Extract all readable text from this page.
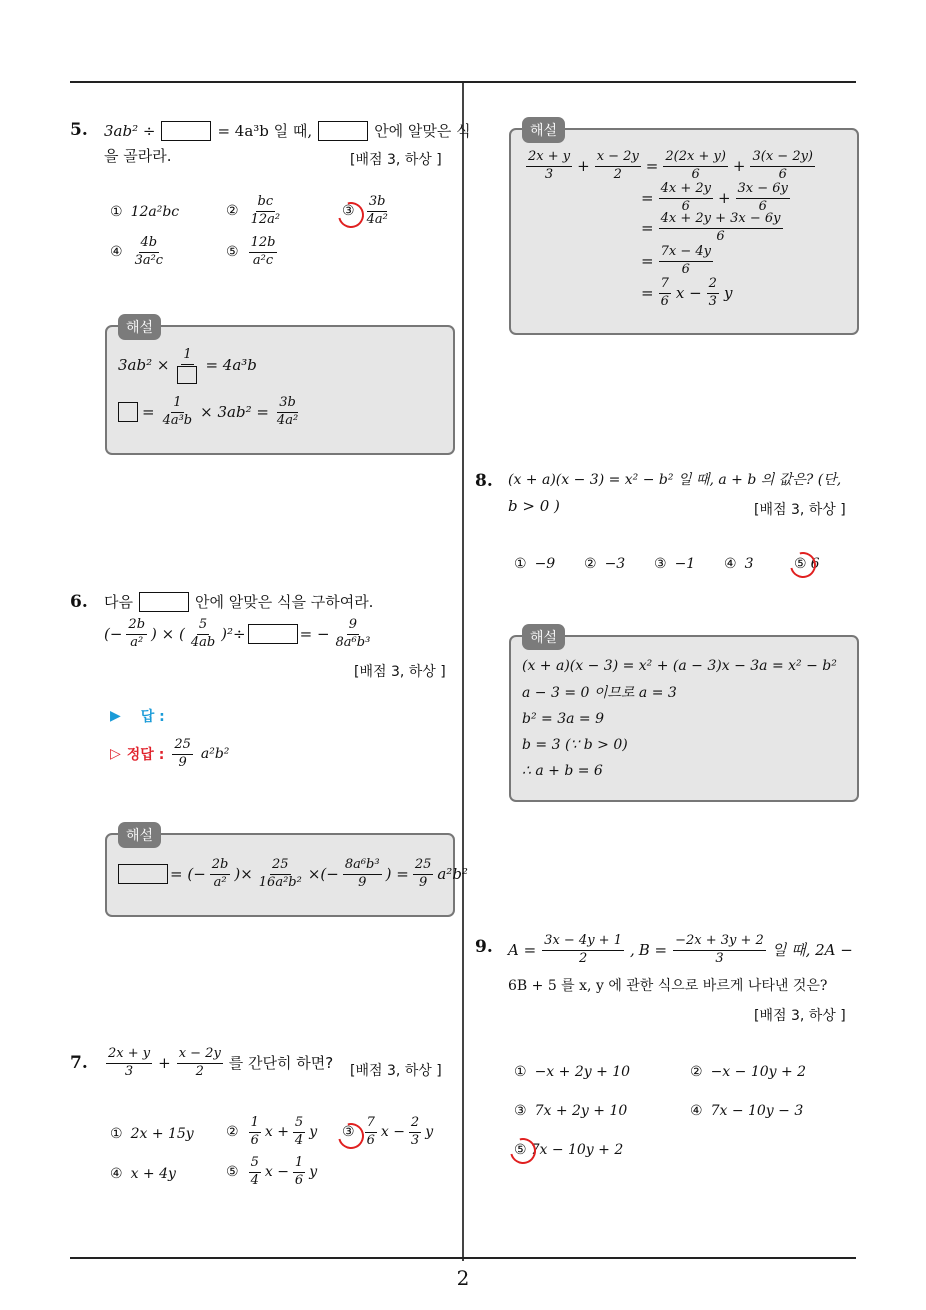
2
5. 3ab² ÷	= 4a³b 일 때,	안에 알맞은 식
을 골라라.	[배점 3, 하상 ]
① 12a²bc	② $\frac{bc}{\text{12a²}}$	③ $\frac{3b}{\text{4a²}}$
④ $\frac{4b}{\text{3a²c}}$	⑤ $\frac{12b}{\text{a²c}}$
해설
3ab² ×
1
= 4a³b
= $\frac{1}{\text{4a³b}} \times 3ab^2 = \frac{3b}{\text{4a²}}$
6. 다음	안에 알맞은 식을 구하여라.
(− $\frac{2b}{\text{a²}}$ ) × ( $\frac{5}{4ab} )^2\div$	= − $\frac{9}{\text{8a⁶b³}}$
[배점 3, 하상 ]
▶ 답 :
▷ 정답 : $\frac{25}{9} a^2b^2$
해설
= (− $\frac{2b}{\text{a²}}$ )× $\frac{25}{\text{16a²b²}}$ ×(− $\frac{\text{8a⁶b³}}{9}$ ) = $\frac{25}{9} a^2b^2$
7. $\frac{2x + y}{3} + \frac{x - 2y}{2}$ 를 간단히 하면? [배점 3, 하상 ]
① 2x + 15y ② $\frac{1}{6}$ $x + \frac{5}{4}$ y ③ $\frac{7}{6}$ $x - \frac{2}{3}$ y
④ x + 4y	⑤ $\frac{5}{4}$ $x - \frac{1}{6}$ y
해설
$\frac{2x + y}{3} + \frac{x - 2y}{2} = \frac{2(2x + y)}{6} + \frac{3(x - 2y)}{6}$
= $\frac{4x + 2y}{6} + \frac{3x - 6y}{6}$
= $\frac{4x + 2y + 3x - 6y}{6}$
= $\frac{7x - 4y}{6}$
= $\frac{7}{6}$ $x - \frac{2}{3}$ y
8. (x + a)(x − 3) = x² − b² 일 때, a + b 의 값은? (단,
b > 0 )	[배점 3, 하상 ]
① −9 ② −3 ③ −1 ④ 3	⑤ 6
해설
(x + a)(x − 3) = x² + (a − 3)x − 3a = x² − b²
a − 3 = 0 이므로 a = 3
b² = 3a = 9
b = 3 (∵ b > 0)
∴ a + b = 6
9. $A = \frac{3x - 4y + 1}{2}$ , $B = \frac{-2x + 3y + 2}{3}$ 일 때, 2A −
6B + 5 를 x, y 에 관한 식으로 바르게 나타낸 것은?
[배점 3, 하상 ]
① −x + 2y + 10	② −x − 10y + 2
③ 7x + 2y + 10	④ 7x − 10y − 3
⑤ 7x − 10y + 2
